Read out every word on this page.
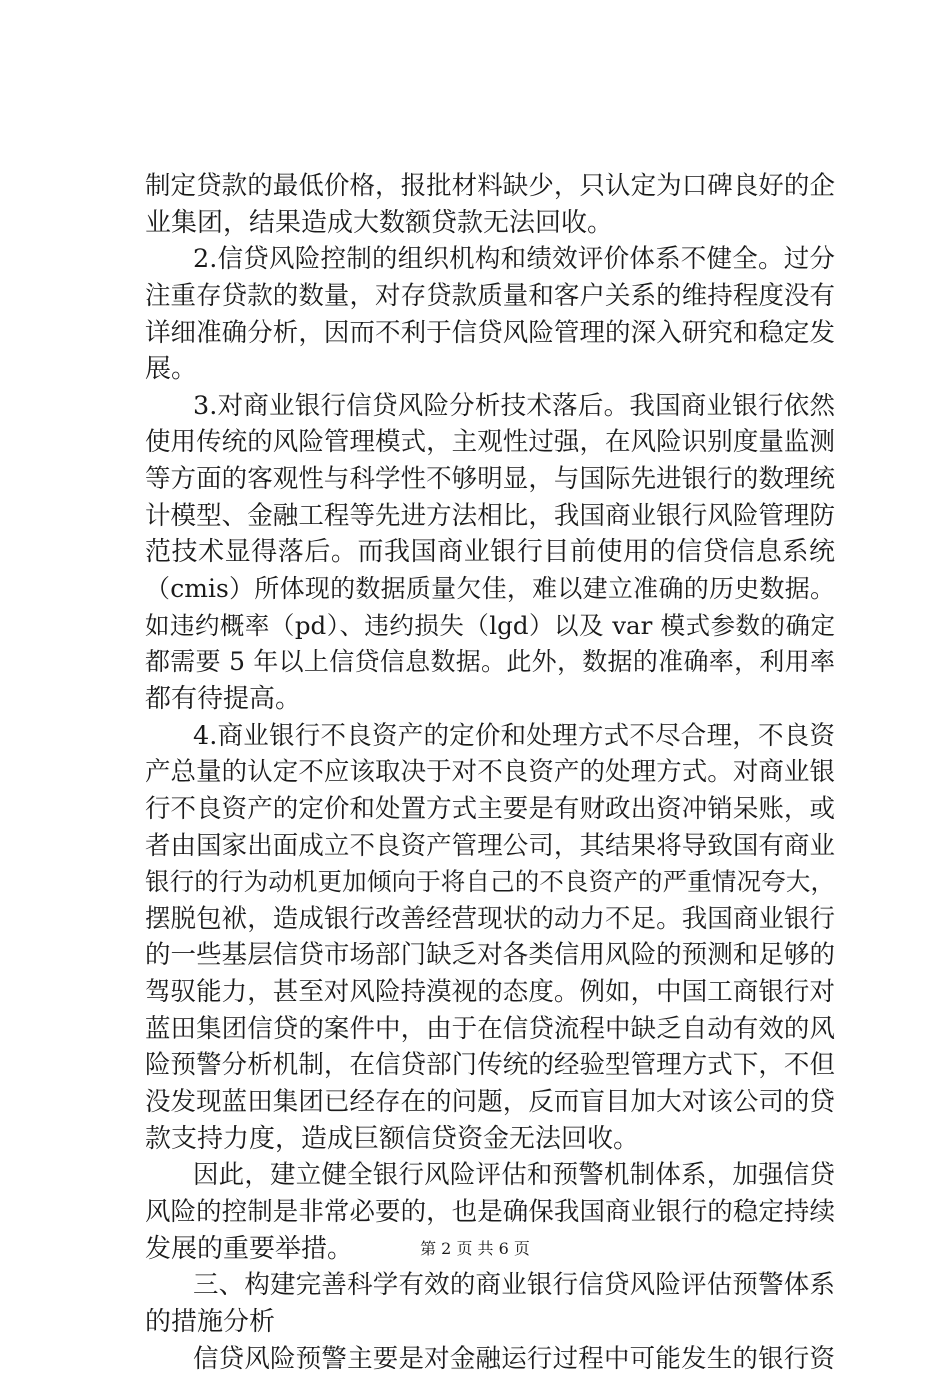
制定贷款的最低价格，报批材料缺少，只认定为口碑良好的企
业集团，结果造成大数额贷款无法回收。
2.信贷风险控制的组织机构和绩效评价体系不健全。过分
注重存贷款的数量，对存贷款质量和客户关系的维持程度没有
详细准确分析，因而不利于信贷风险管理的深入研究和稳定发
展。
3.对商业银行信贷风险分析技术落后。我国商业银行依然
使用传统的风险管理模式，主观性过强，在风险识别度量监测
等方面的客观性与科学性不够明显，与国际先进银行的数理统
计模型、金融工程等先进方法相比，我国商业银行风险管理防
范技术显得落后。而我国商业银行目前使用的信贷信息系统
（cmis）所体现的数据质量欠佳，难以建立准确的历史数据。
如违约概率（pd）、违约损失（lgd）以及 var 模式参数的确定
都需要 5 年以上信贷信息数据。此外，数据的准确率，利用率
都有待提高。
4.商业银行不良资产的定价和处理方式不尽合理，不良资
产总量的认定不应该取决于对不良资产的处理方式。对商业银
行不良资产的定价和处置方式主要是有财政出资冲销呆账，或
者由国家出面成立不良资产管理公司，其结果将导致国有商业
银行的行为动机更加倾向于将自己的不良资产的严重情况夸大，
摆脱包袱，造成银行改善经营现状的动力不足。我国商业银行
的一些基层信贷市场部门缺乏对各类信用风险的预测和足够的
驾驭能力，甚至对风险持漠视的态度。例如，中国工商银行对
蓝田集团信贷的案件中，由于在信贷流程中缺乏自动有效的风
险预警分析机制，在信贷部门传统的经验型管理方式下，不但
没发现蓝田集团已经存在的问题，反而盲目加大对该公司的贷
款支持力度，造成巨额信贷资金无法回收。
因此，建立健全银行风险评估和预警机制体系，加强信贷
风险的控制是非常必要的，也是确保我国商业银行的稳定持续
发展的重要举措。
三、构建完善科学有效的商业银行信贷风险评估预警体系
的措施分析
信贷风险预警主要是对金融运行过程中可能发生的银行资
第 2 页 共 6 页
